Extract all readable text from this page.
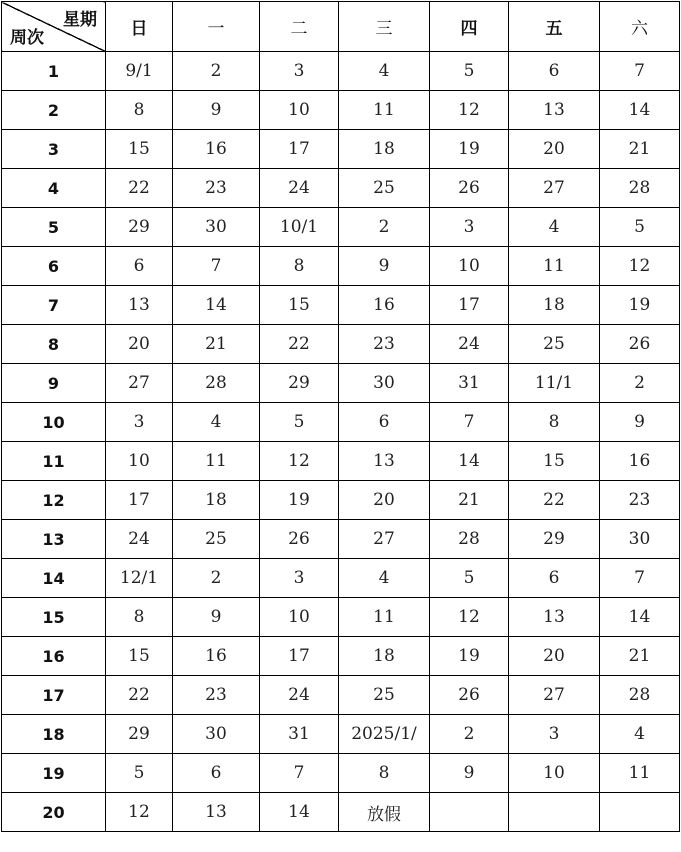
星期
周次	日	一	二	三	四	五	六
1	9/1	2	3	4	5	6	7
2	8	9	10	11	12	13	14
3	15	16	17	18	19	20	21
4	22	23	24	25	26	27	28
5	29	30	10/1	2	3	4	5
6	6	7	8	9	10	11	12
7	13	14	15	16	17	18	19
8	20	21	22	23	24	25	26
9	27	28	29	30	31	11/1	2
10	3	4	5	6	7	8	9
11	10	11	12	13	14	15	16
12	17	18	19	20	21	22	23
13	24	25	26	27	28	29	30
14	12/1	2	3	4	5	6	7
15	8	9	10	11	12	13	14
16	15	16	17	18	19	20	21
17	22	23	24	25	26	27	28
18	29	30	31	2025/1/	2	3	4
19	5	6	7	8	9	10	11
20	12	13	14	放假			
